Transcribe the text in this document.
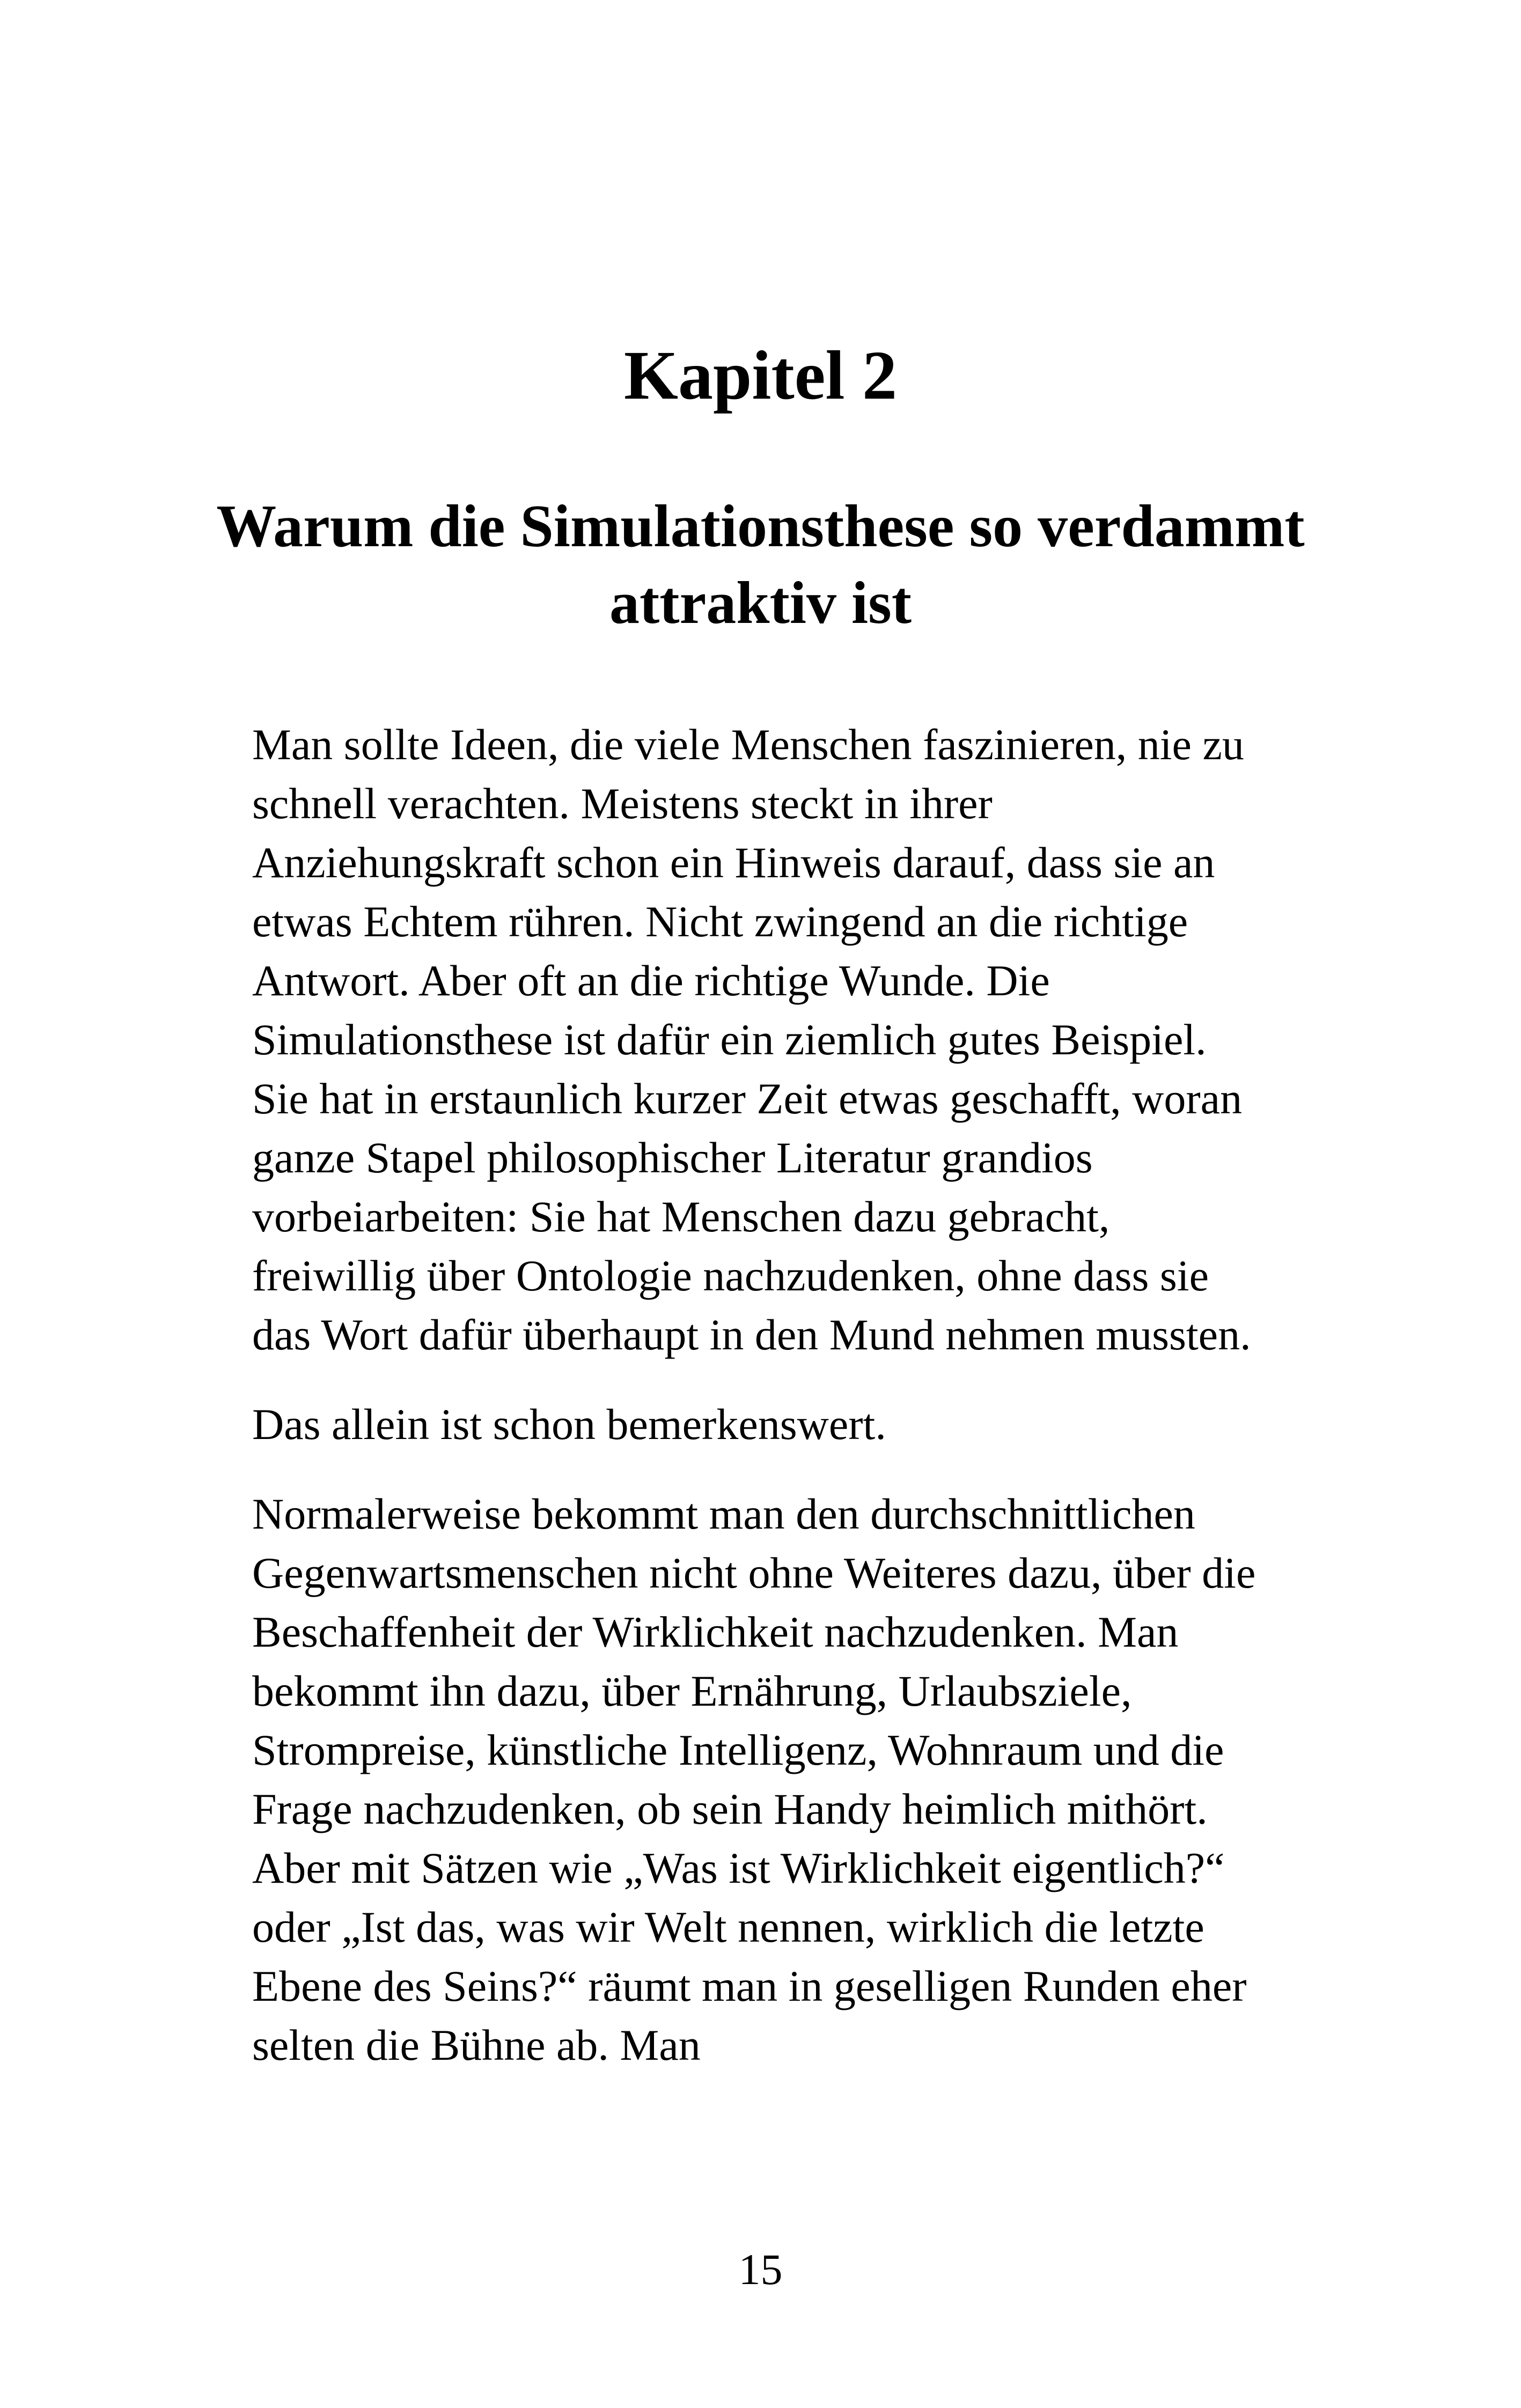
Kapitel 2
Warum die Simulationsthese so verdammt attraktiv ist

Man sollte Ideen, die viele Menschen faszinieren, nie zu schnell verachten. Meistens steckt in ihrer Anziehungskraft schon ein Hinweis darauf, dass sie an etwas Echtem rühren. Nicht zwingend an die richtige Antwort. Aber oft an die richtige Wunde. Die Simulationsthese ist dafür ein ziemlich gutes Beispiel. Sie hat in erstaunlich kurzer Zeit etwas geschafft, woran ganze Stapel philosophischer Literatur grandios vorbeiarbeiten: Sie hat Menschen dazu gebracht, freiwillig über Ontologie nachzudenken, ohne dass sie das Wort dafür überhaupt in den Mund nehmen mussten.

Das allein ist schon bemerkenswert.

Normalerweise bekommt man den durchschnittlichen Gegenwartsmenschen nicht ohne Weiteres dazu, über die Beschaffenheit der Wirklichkeit nachzudenken. Man bekommt ihn dazu, über Ernährung, Urlaubsziele, Strompreise, künstliche Intelligenz, Wohnraum und die Frage nachzudenken, ob sein Handy heimlich mithört. Aber mit Sätzen wie „Was ist Wirklichkeit eigentlich?“ oder „Ist das, was wir Welt nennen, wirklich die letzte Ebene des Seins?“ räumt man in geselligen Runden eher selten die Bühne ab. Man

15
